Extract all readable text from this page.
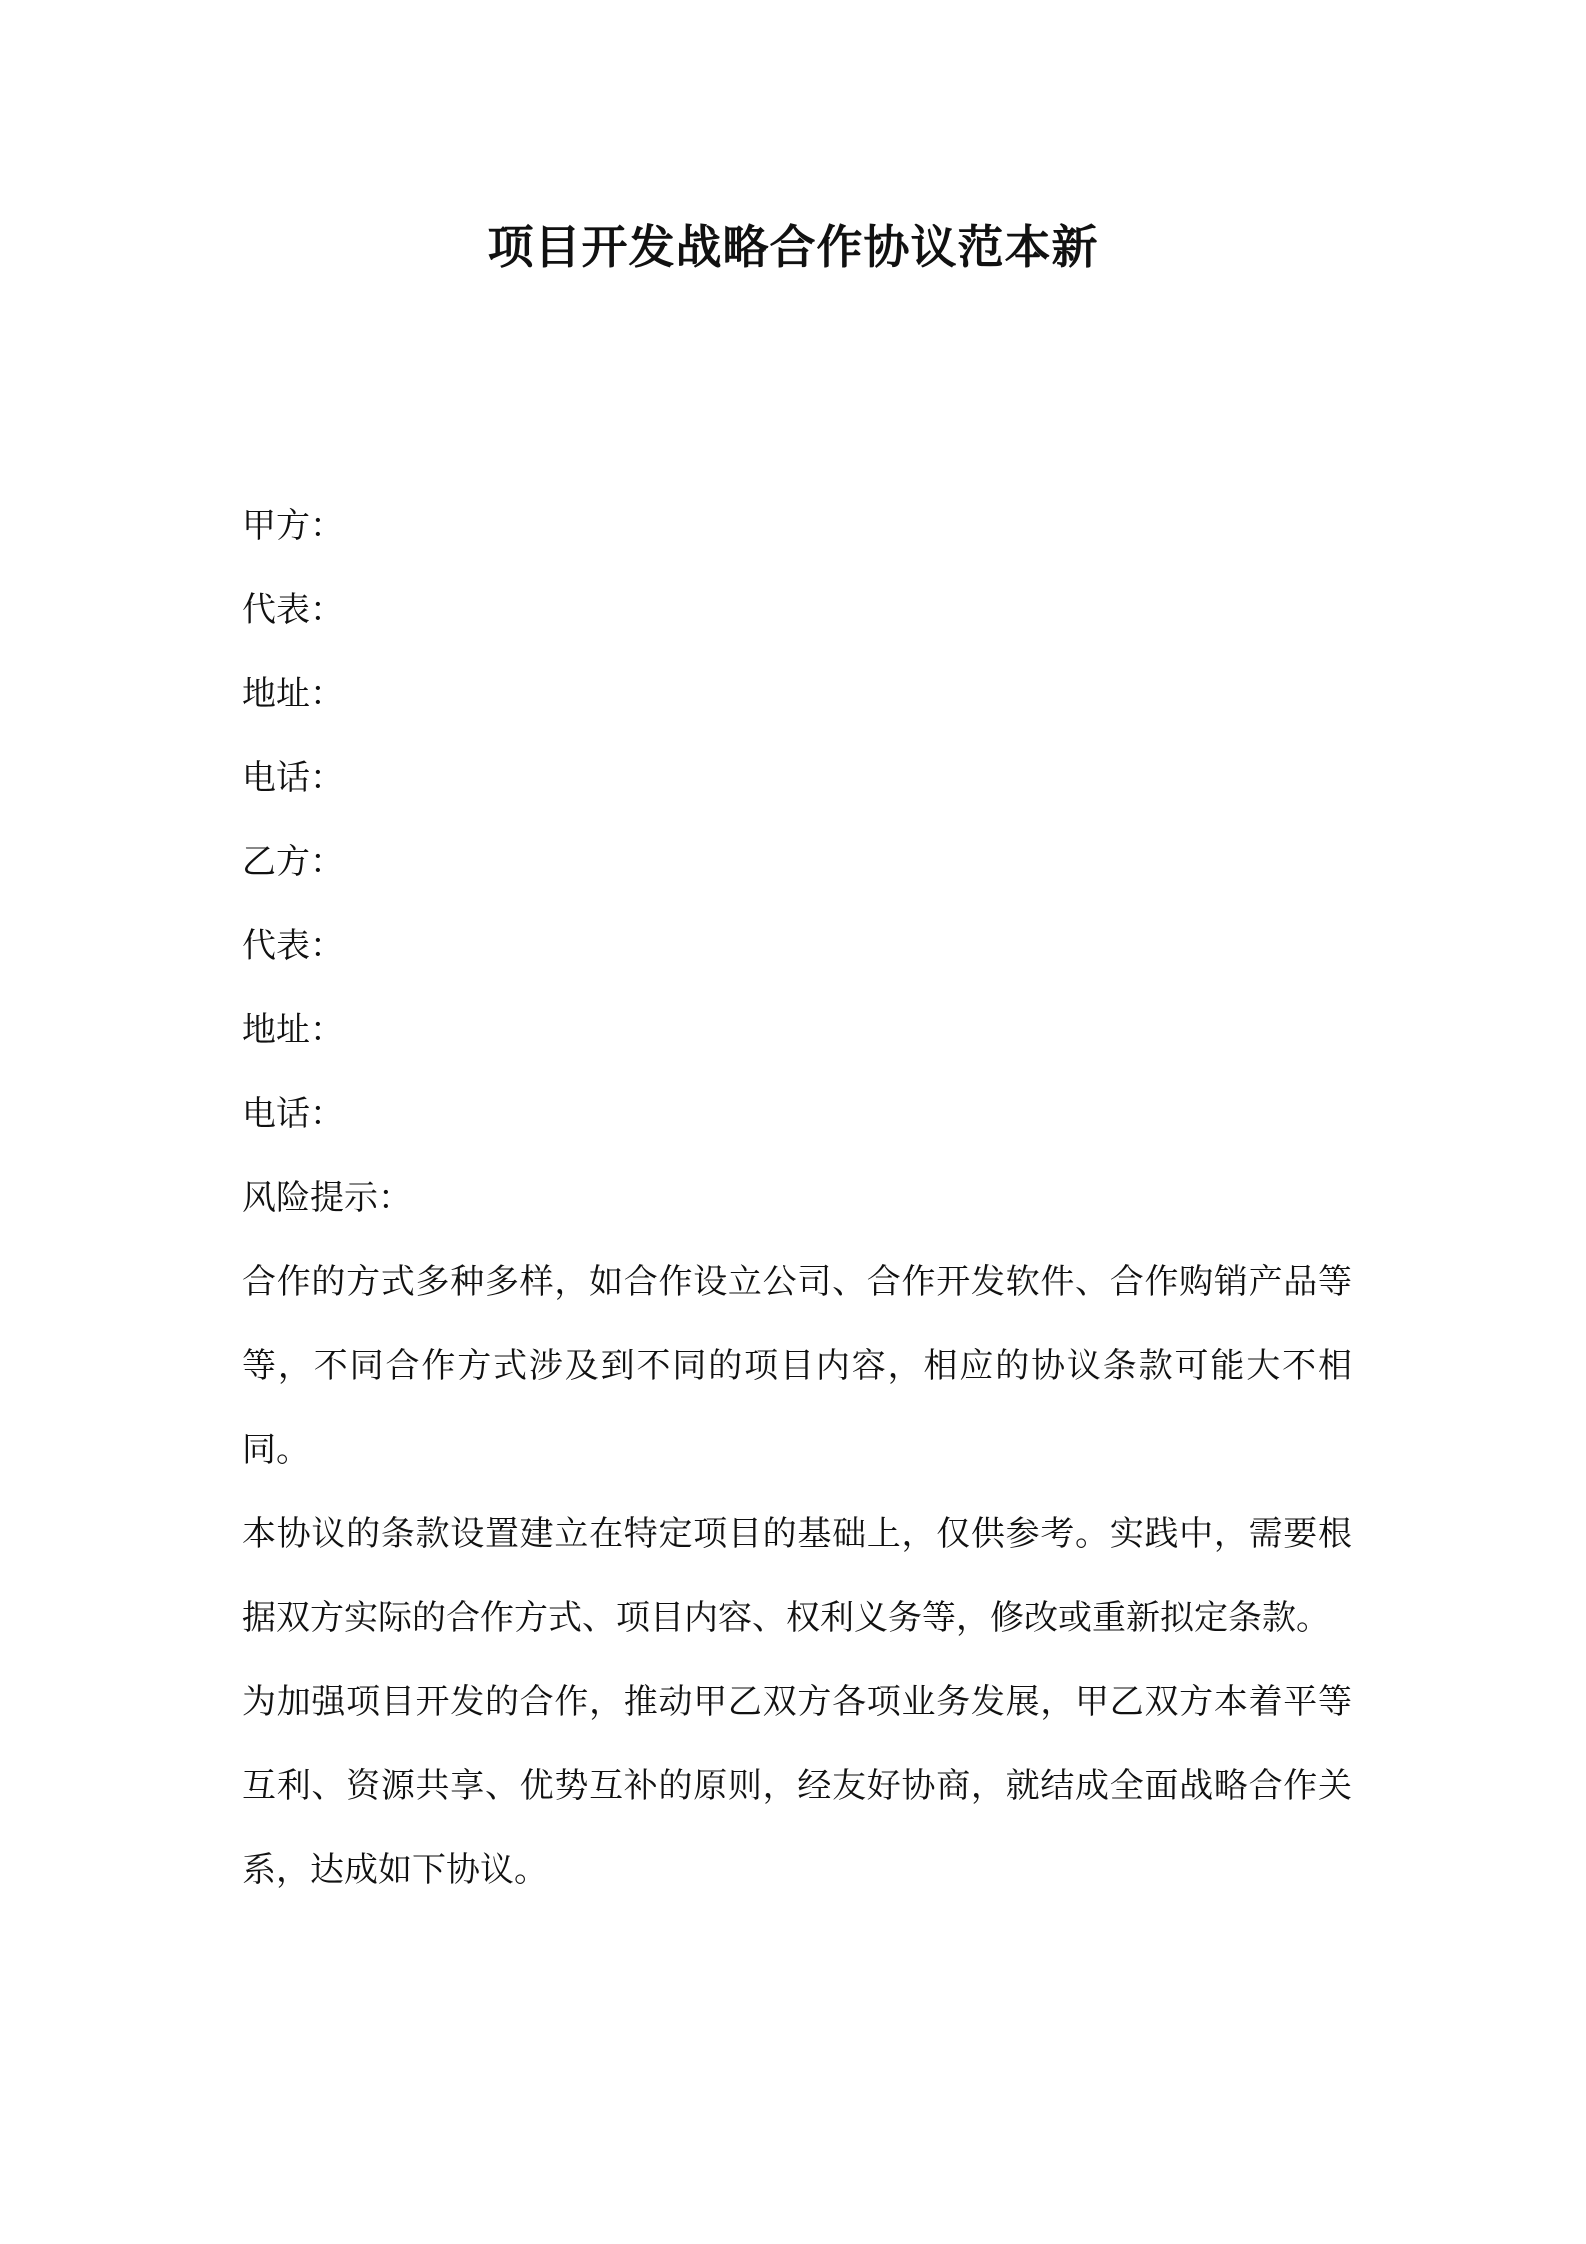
项目开发战略合作协议范本新
甲方：
代表：
地址：
电话：
乙方：
代表：
地址：
电话：
风险提示：

合作的方式多种多样，如合作设立公司、合作开发软件、合作购销产品等等，不同合作方式涉及到不同的项目内容，相应的协议条款可能大不相同。

本协议的条款设置建立在特定项目的基础上，仅供参考。实践中，需要根据双方实际的合作方式、项目内容、权利义务等，修改或重新拟定条款。

为加强项目开发的合作，推动甲乙双方各项业务发展，甲乙双方本着平等互利、资源共享、优势互补的原则，经友好协商，就结成全面战略合作关系，达成如下协议。
